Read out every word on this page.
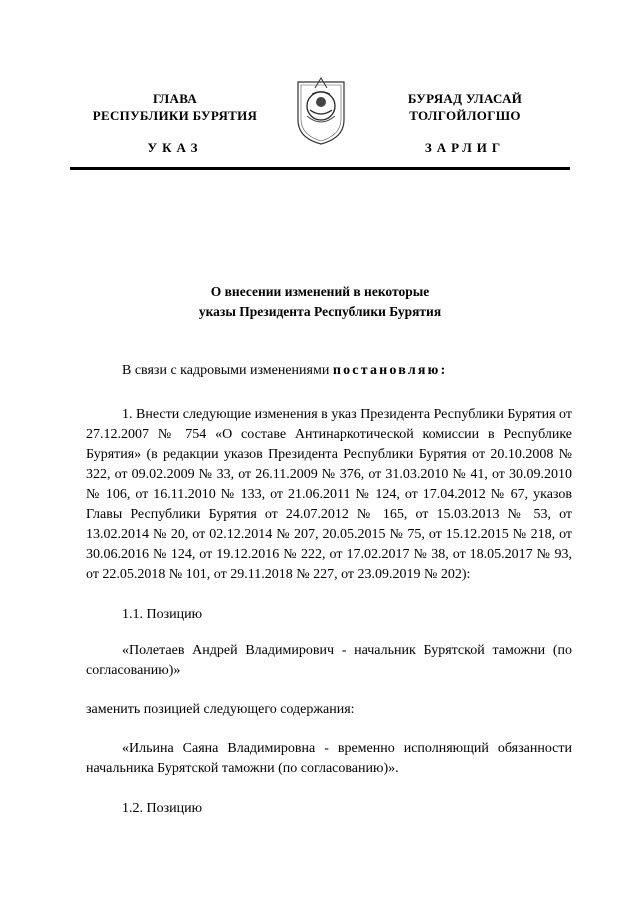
ГЛАВА
РЕСПУБЛИКИ БУРЯТИЯ
УКАЗ
БУРЯАД УЛАСАЙ
ТОЛГОЙЛОГШО
ЗАРЛИГ
О внесении изменений в некоторые
указы Президента Республики Бурятия
В связи с кадровыми изменениями постановляю:
1. Внести следующие изменения в указ Президента Республики Бурятия от 27.12.2007 № 754 «О составе Антинаркотической комиссии в Республике Бурятия» (в редакции указов Президента Республики Бурятия от 20.10.2008 № 322, от 09.02.2009 № 33, от 26.11.2009 № 376, от 31.03.2010 № 41, от 30.09.2010 № 106, от 16.11.2010 № 133, от 21.06.2011 № 124, от 17.04.2012 № 67, указов Главы Республики Бурятия от 24.07.2012 № 165, от 15.03.2013 № 53, от 13.02.2014 № 20, от 02.12.2014 № 207, 20.05.2015 № 75, от 15.12.2015 № 218, от 30.06.2016 № 124, от 19.12.2016 № 222, от 17.02.2017 № 38, от 18.05.2017 № 93, от 22.05.2018 № 101, от 29.11.2018 № 227, от 23.09.2019 № 202):
1.1. Позицию
«Полетаев Андрей Владимирович - начальник Бурятской таможни (по согласованию)»
заменить позицией следующего содержания:
«Ильина Саяна Владимировна - временно исполняющий обязанности начальника Бурятской таможни (по согласованию)».
1.2. Позицию
